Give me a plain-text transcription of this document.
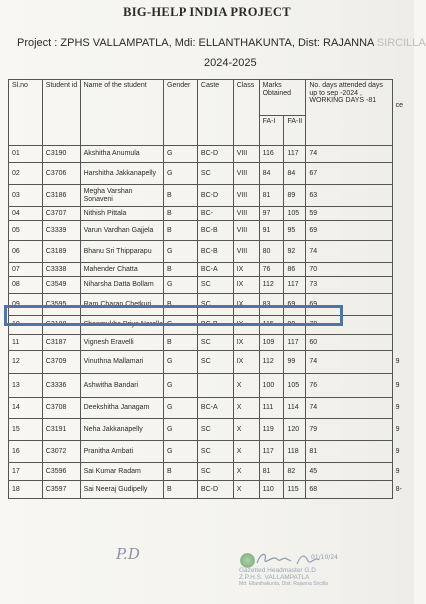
BIG-HELP INDIA PROJECT
Project : ZPHS VALLAMPATLA, Mdi: ELLANTHAKUNTA, Dist: RAJANNA SIRCILLA
2024-2025
Sl.no	Student id	Name of the student	Gender	Caste	Class	Marks Obtained		No. days attended days up to sep -2024 , WORKING DAYS -81	ce
						FA-I	FA-II		
01	C3190	Akshitha Anumula	G	BC-D	VIII	116	117	74	
02	C3706	Harshitha Jakkanapelly	G	SC	VIII	84	84	67	
03	C3186	Megha Varshan Sonaveni	B	BC-D	VIII	81	89	63	
04	C3707	Nithish Pittala	B	BC-	VIII	97	105	59	
05	C3339	Varun Vardhan Gajjela	B	BC-B	VIII	91	95	69	
06	C3189	Bhanu Sri Thipparapu	G	BC-B	VIII	80	92	74	
07	C3338	Mahender Chatta	B	BC-A	IX	76	86	70	
08	C3549	Niharsha Datta Bollam	G	SC	IX	112	117	73	
09	C3595	Ram Charan Chetkuri	B	SC	IX	83	69	69	
10	C3188	Shanmukha Priya Nerella	G	BC-B	IX	115	99	78	
11	C3187	Vignesh Eravelli	B	SC	IX	109	117	60	
12	C3709	Vinuthna Mallamari	G	SC	IX	112	99	74	9
13	C3336	Ashwitha Bandari	G		X	100	105	76	9
14	C3708	Deekshitha Janagam	G	BC-A	X	111	114	74	9
15	C3191	Neha Jakkanapelly	G	SC	X	119	120	79	9
16	C3072	Pranitha Ambati	G	SC	X	117	118	81	9
17	C3596	Sai Kumar Radam	B	SC	X	81	82	45	9
18	C3597	Sai Neeraj Gudipelly	B	BC-D	X	110	115	68	8-
P.D	01/10/24
Gazetted Headmaster G.D
Z.P.H.S. VALLAMPATLA
Md: Ellanthakunta, Dist: Rajanna Sircilla
